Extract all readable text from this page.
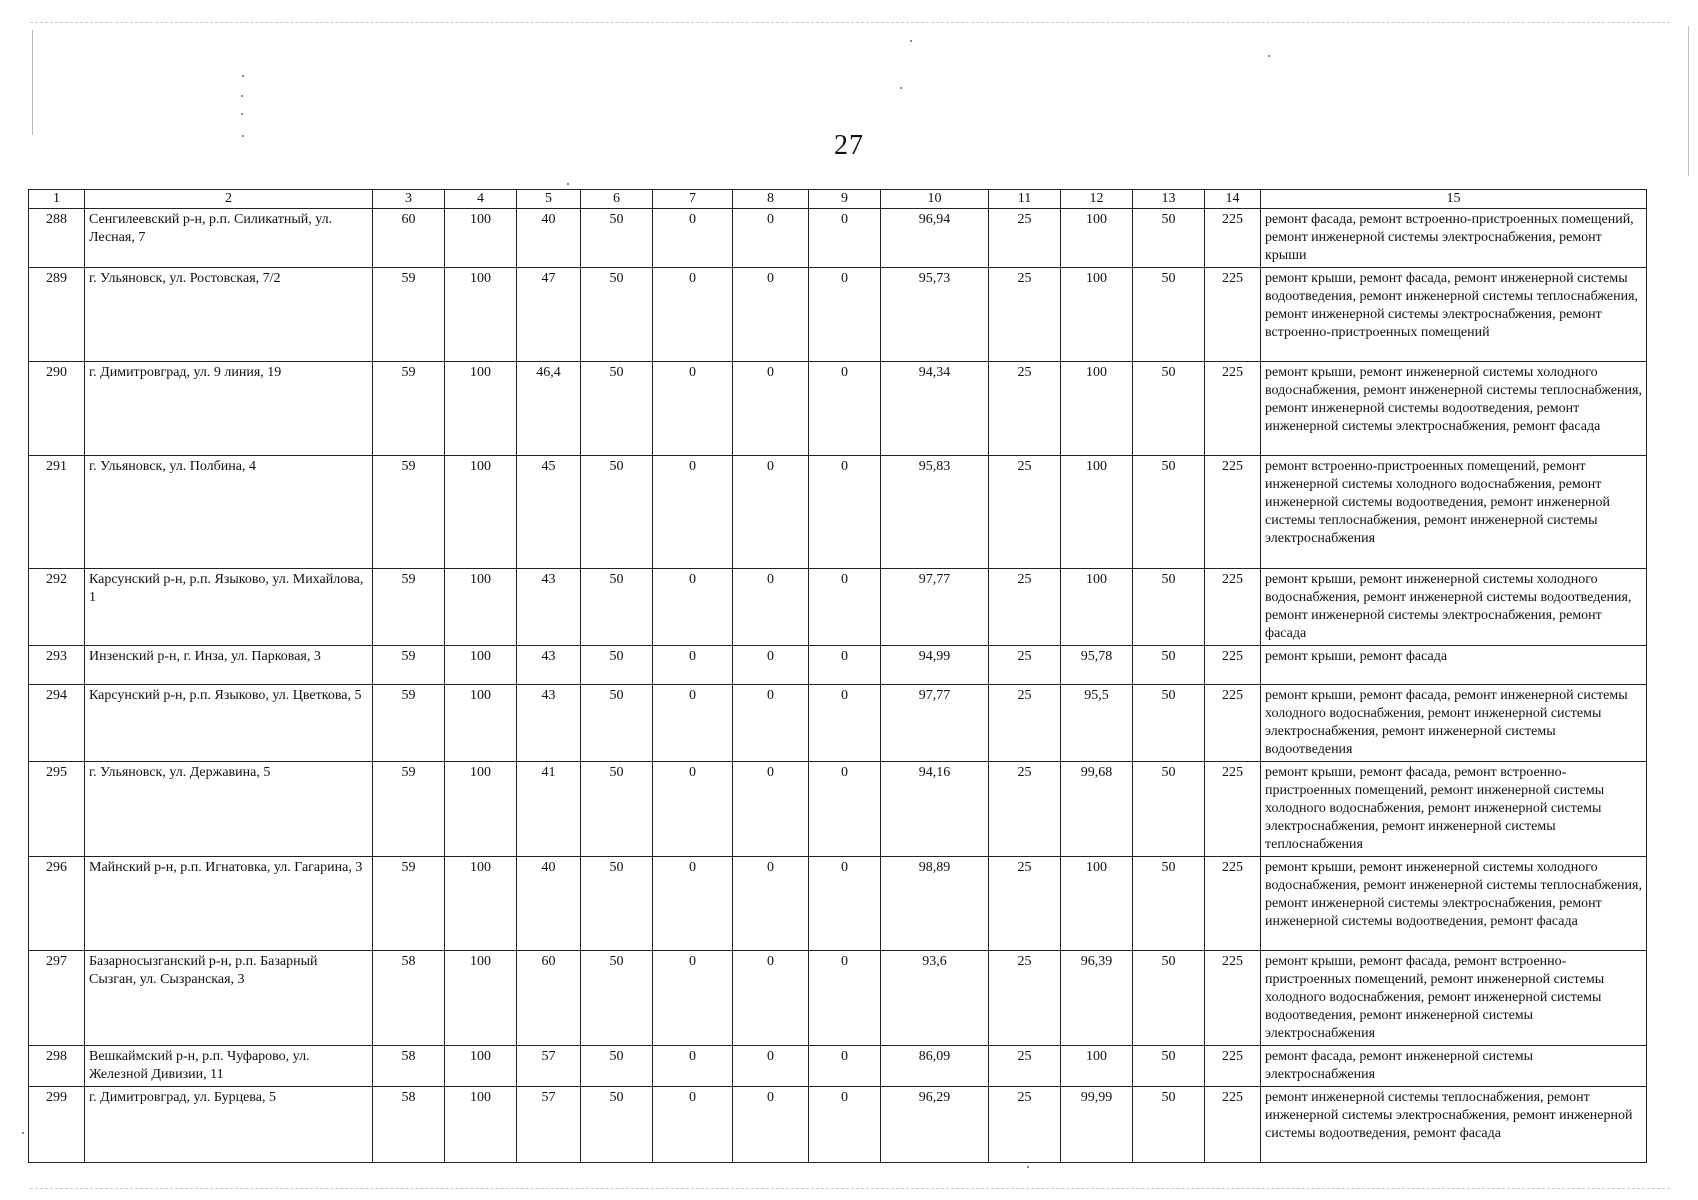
27
1	2	3	4	5	6	7	8	9	10	11	12	13	14	15
288	Сенгилеевский р-н, р.п. Силикатный, ул. Лесная, 7	60	100	40	50	0	0	0	96,94	25	100	50	225	ремонт фасада, ремонт встроенно-пристроенных помещений, ремонт инженерной системы электроснабжения, ремонт крыши
289	г. Ульяновск, ул. Ростовская, 7/2	59	100	47	50	0	0	0	95,73	25	100	50	225	ремонт крыши, ремонт фасада, ремонт инженерной системы водоотведения, ремонт инженерной системы теплоснабжения, ремонт инженерной системы электроснабжения, ремонт встроенно-пристроенных помещений
290	г. Димитровград, ул. 9 линия, 19	59	100	46,4	50	0	0	0	94,34	25	100	50	225	ремонт крыши, ремонт инженерной системы холодного водоснабжения, ремонт инженерной системы теплоснабжения, ремонт инженерной системы водоотведения, ремонт инженерной системы электроснабжения, ремонт фасада
291	г. Ульяновск, ул. Полбина, 4	59	100	45	50	0	0	0	95,83	25	100	50	225	ремонт встроенно-пристроенных помещений, ремонт инженерной системы холодного водоснабжения, ремонт инженерной системы водоотведения, ремонт инженерной системы теплоснабжения, ремонт инженерной системы электроснабжения
292	Карсунский р-н, р.п. Языково, ул. Михайлова, 1	59	100	43	50	0	0	0	97,77	25	100	50	225	ремонт крыши, ремонт инженерной системы холодного водоснабжения, ремонт инженерной системы водоотведения, ремонт инженерной системы электроснабжения, ремонт фасада
293	Инзенский р-н, г. Инза, ул. Парковая, 3	59	100	43	50	0	0	0	94,99	25	95,78	50	225	ремонт крыши, ремонт фасада
294	Карсунский р-н, р.п. Языково, ул. Цветкова, 5	59	100	43	50	0	0	0	97,77	25	95,5	50	225	ремонт крыши, ремонт фасада, ремонт инженерной системы холодного водоснабжения, ремонт инженерной системы электроснабжения, ремонт инженерной системы водоотведения
295	г. Ульяновск, ул. Державина, 5	59	100	41	50	0	0	0	94,16	25	99,68	50	225	ремонт крыши, ремонт фасада, ремонт встроенно-пристроенных помещений, ремонт инженерной системы холодного водоснабжения, ремонт инженерной системы электроснабжения, ремонт инженерной системы теплоснабжения
296	Майнский р-н, р.п. Игнатовка, ул. Гагарина, 3	59	100	40	50	0	0	0	98,89	25	100	50	225	ремонт крыши, ремонт инженерной системы холодного водоснабжения, ремонт инженерной системы теплоснабжения, ремонт инженерной системы электроснабжения, ремонт инженерной системы водоотведения, ремонт фасада
297	Базарносызганский р-н, р.п. Базарный Сызган, ул. Сызранская, 3	58	100	60	50	0	0	0	93,6	25	96,39	50	225	ремонт крыши, ремонт фасада, ремонт встроенно-пристроенных помещений, ремонт инженерной системы холодного водоснабжения, ремонт инженерной системы водоотведения, ремонт инженерной системы электроснабжения
298	Вешкаймский р-н, р.п. Чуфарово, ул. Железной Дивизии, 11	58	100	57	50	0	0	0	86,09	25	100	50	225	ремонт фасада, ремонт инженерной системы электроснабжения
299	г. Димитровград, ул. Бурцева, 5	58	100	57	50	0	0	0	96,29	25	99,99	50	225	ремонт инженерной системы теплоснабжения, ремонт инженерной системы электроснабжения, ремонт инженерной системы водоотведения, ремонт фасада
